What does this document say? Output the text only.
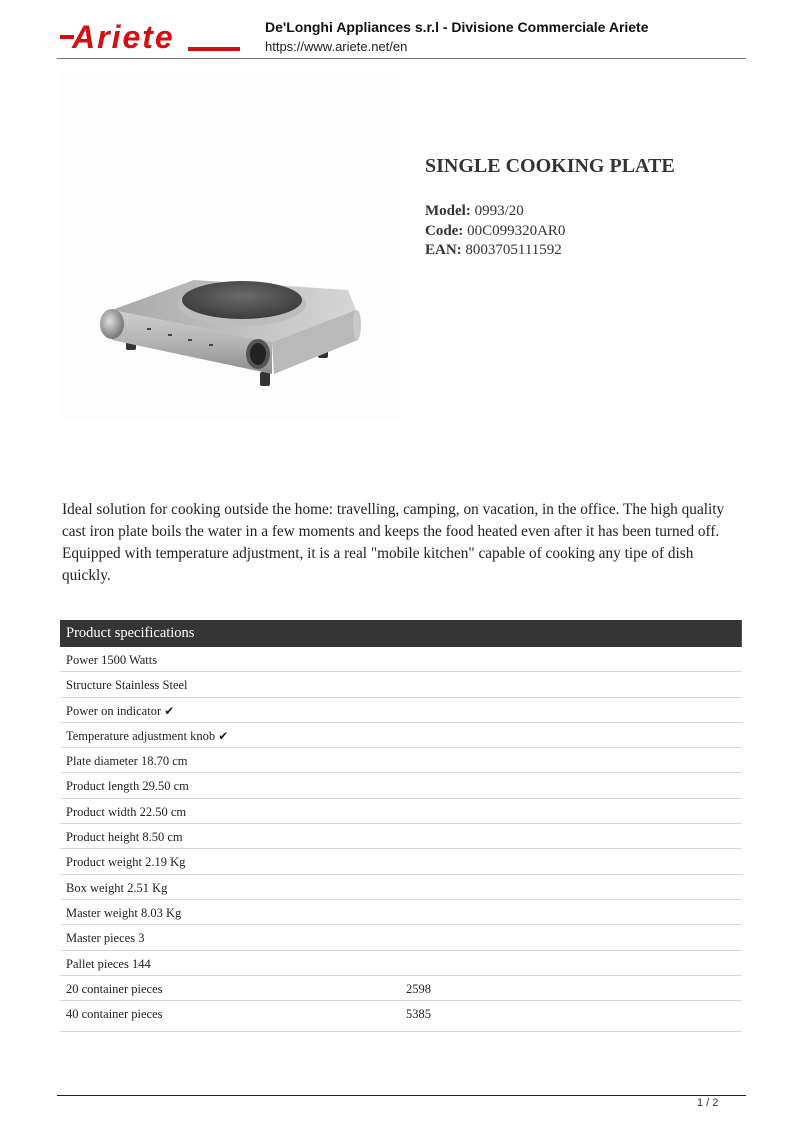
Ariete	De'Longhi Appliances s.r.l - Divisione Commerciale Ariete
https://www.ariete.net/en
SINGLE COOKING PLATE
Model: 0993/20
Code: 00C099320AR0
EAN: 8003705111592
Ideal solution for cooking outside the home: travelling, camping, on vacation, in the office. The high quality cast iron plate boils the water in a few moments and keeps the food heated even after it has been turned off. Equipped with temperature adjustment, it is a real "mobile kitchen" capable of cooking any tipe of dish quickly.
Product specifications
Power 1500 Watts
Structure Stainless Steel
Power on indicator ✔
Temperature adjustment knob ✔
Plate diameter 18.70 cm
Product length 29.50 cm
Product width 22.50 cm
Product height 8.50 cm
Product weight 2.19 Kg
Box weight 2.51 Kg
Master weight 8.03 Kg
Master pieces 3
Pallet pieces 144
20 container pieces	2598
40 container pieces	5385
1 / 2
